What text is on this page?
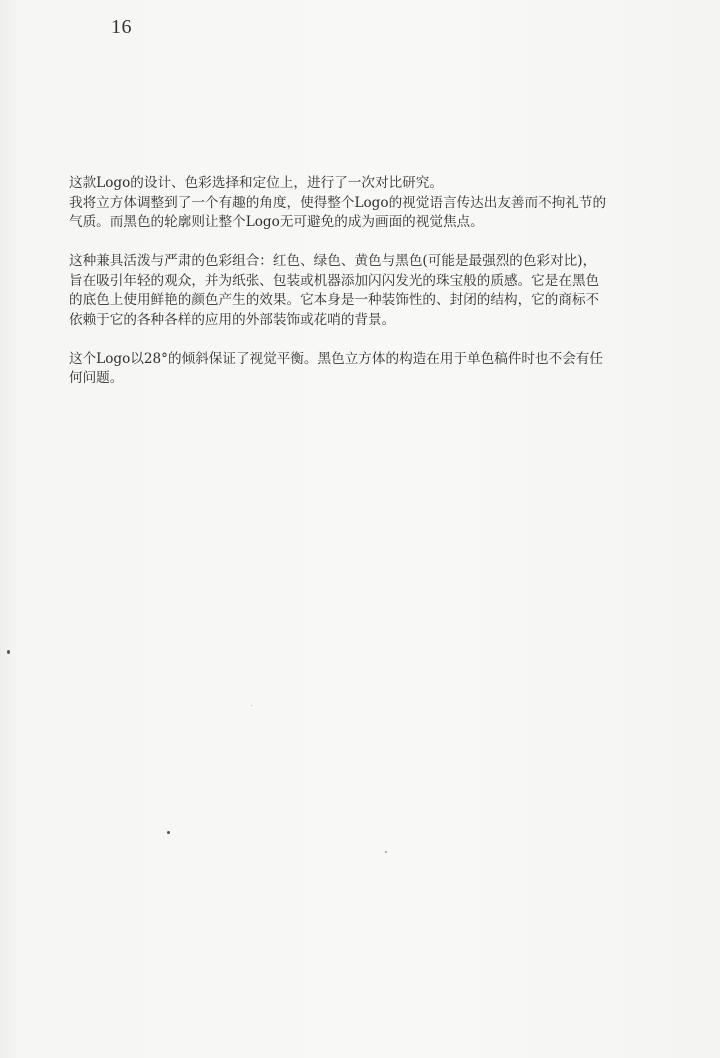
16

这款Logo的设计、色彩选择和定位上，进行了一次对比研究。
我将立方体调整到了一个有趣的角度，使得整个Logo的视觉语言传达出友善而不拘礼节的
气质。而黑色的轮廓则让整个Logo无可避免的成为画面的视觉焦点。

这种兼具活泼与严肃的色彩组合：红色、绿色、黄色与黑色(可能是最强烈的色彩对比)，
旨在吸引年轻的观众，并为纸张、包装或机器添加闪闪发光的珠宝般的质感。它是在黑色
的底色上使用鲜艳的颜色产生的效果。它本身是一种装饰性的、封闭的结构，它的商标不
依赖于它的各种各样的应用的外部装饰或花哨的背景。

这个Logo以28°的倾斜保证了视觉平衡。黑色立方体的构造在用于单色稿件时也不会有任
何问题。
